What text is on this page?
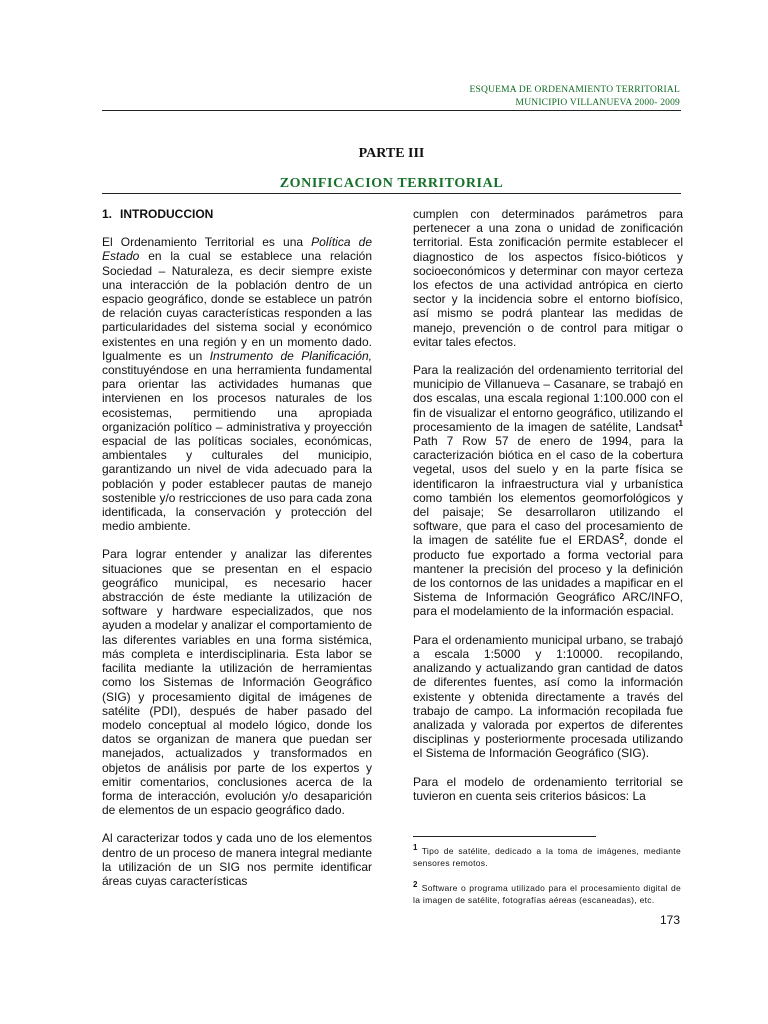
ESQUEMA DE ORDENAMIENTO TERRITORIAL
MUNICIPIO VILLANUEVA 2000- 2009
PARTE III
ZONIFICACION TERRITORIAL
1. INTRODUCCION

El Ordenamiento Territorial es una Política de Estado en la cual se establece una relación Sociedad – Naturaleza, es decir siempre existe una interacción de la población dentro de un espacio geográfico, donde se establece un patrón de relación cuyas características responden a las particularidades del sistema social y económico existentes en una región y en un momento dado. Igualmente es un Instrumento de Planificación, constituyéndose en una herramienta fundamental para orientar las actividades humanas que intervienen en los procesos naturales de los ecosistemas, permitiendo una apropiada organización político – administrativa y proyección espacial de las políticas sociales, económicas, ambientales y culturales del municipio, garantizando un nivel de vida adecuado para la población y poder establecer pautas de manejo sostenible y/o restricciones de uso para cada zona identificada, la conservación y protección del medio ambiente.

Para lograr entender y analizar las diferentes situaciones que se presentan en el espacio geográfico municipal, es necesario hacer abstracción de éste mediante la utilización de software y hardware especializados, que nos ayuden a modelar y analizar el comportamiento de las diferentes variables en una forma sistémica, más completa e interdisciplinaria. Esta labor se facilita mediante la utilización de herramientas como los Sistemas de Información Geográfico (SIG) y procesamiento digital de imágenes de satélite (PDI), después de haber pasado del modelo conceptual al modelo lógico, donde los datos se organizan de manera que puedan ser manejados, actualizados y transformados en objetos de análisis por parte de los expertos y emitir comentarios, conclusiones acerca de la forma de interacción, evolución y/o desaparición de elementos de un espacio geográfico dado.

Al caracterizar todos y cada uno de los elementos dentro de un proceso de manera integral mediante la utilización de un SIG nos permite identificar áreas cuyas características

cumplen con determinados parámetros para pertenecer a una zona o unidad de zonificación territorial. Esta zonificación permite establecer el diagnostico de los aspectos físico-bióticos y socioeconómicos y determinar con mayor certeza los efectos de una actividad antrópica en cierto sector y la incidencia sobre el entorno biofísico, así mismo se podrá plantear las medidas de manejo, prevención o de control para mitigar o evitar tales efectos.

Para la realización del ordenamiento territorial del municipio de Villanueva – Casanare, se trabajó en dos escalas, una escala regional 1:100.000 con el fin de visualizar el entorno geográfico, utilizando el procesamiento de la imagen de satélite, Landsat$^1$ Path 7 Row 57 de enero de 1994, para la caracterización biótica en el caso de la cobertura vegetal, usos del suelo y en la parte física se identificaron la infraestructura vial y urbanística como también los elementos geomorfológicos y del paisaje; Se desarrollaron utilizando el software, que para el caso del procesamiento de la imagen de satélite fue el ERDAS$^2$, donde el producto fue exportado a forma vectorial para mantener la precisión del proceso y la definición de los contornos de las unidades a mapificar en el Sistema de Información Geográfico ARC/INFO, para el modelamiento de la información espacial.

Para el ordenamiento municipal urbano, se trabajó a escala 1:5000 y 1:10000. recopilando, analizando y actualizando gran cantidad de datos de diferentes fuentes, así como la información existente y obtenida directamente a través del trabajo de campo. La información recopilada fue analizada y valorada por expertos de diferentes disciplinas y posteriormente procesada utilizando el Sistema de Información Geográfico (SIG).

Para el modelo de ordenamiento territorial se tuvieron en cuenta seis criterios básicos: La

1 Tipo de satélite, dedicado a la toma de imágenes, mediante sensores remotos.
2 Software o programa utilizado para el procesamiento digital de la imagen de satélite, fotografías aéreas (escaneadas), etc.
173
